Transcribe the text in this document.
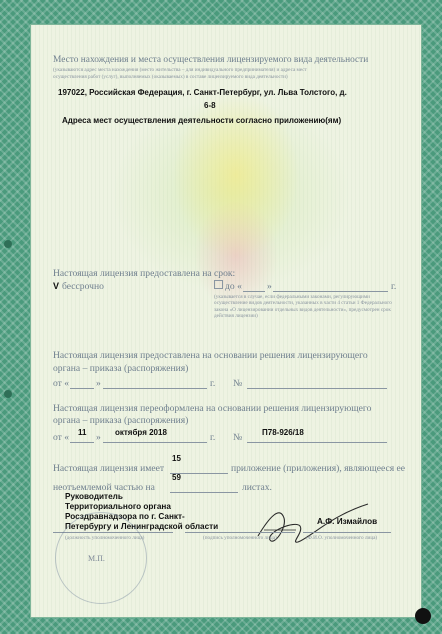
Место нахождения и места осуществления лицензируемого вида деятельности
(указываются адрес места нахождения (место жительства – для индивидуального предпринимателя) и адреса мест
осуществления работ (услуг), выполняемых (оказываемых) в составе лицензируемого вида деятельности)
197022, Российская Федерация, г. Санкт-Петербург, ул. Льва Толстого, д.
6-8
Адреса мест осуществления деятельности согласно приложению(ям)
Настоящая лицензия предоставлена на срок:
V бессрочно	до «	»	г.
(указывается в случае, если федеральными законами, регулирующими осуществление видов деятельности, указанных в части 4 статьи 1 Федерального закона «О лицензировании отдельных видов деятельности», предусмотрен срок действия лицензии)
Настоящая лицензия предоставлена на основании решения лицензирующего
органа – приказа (распоряжения)
от «	»	г. №
Настоящая лицензия переоформлена на основании решения лицензирующего
органа – приказа (распоряжения)
от « 11 » октября 2018	г. № П78-926/18
15
Настоящая лицензия имеет	приложение (приложения), являющееся ее
59
неотъемлемой частью на	листах.
Руководитель
Территориального органа
Росздравнадзора по г. Санкт-
Петербургу и Ленинградской области
А.Ф. Измайлов
(должность уполномоченного лица)	(подпись уполномоченного лица)	(Ф.И.О. уполномоченного лица)
М.П.
